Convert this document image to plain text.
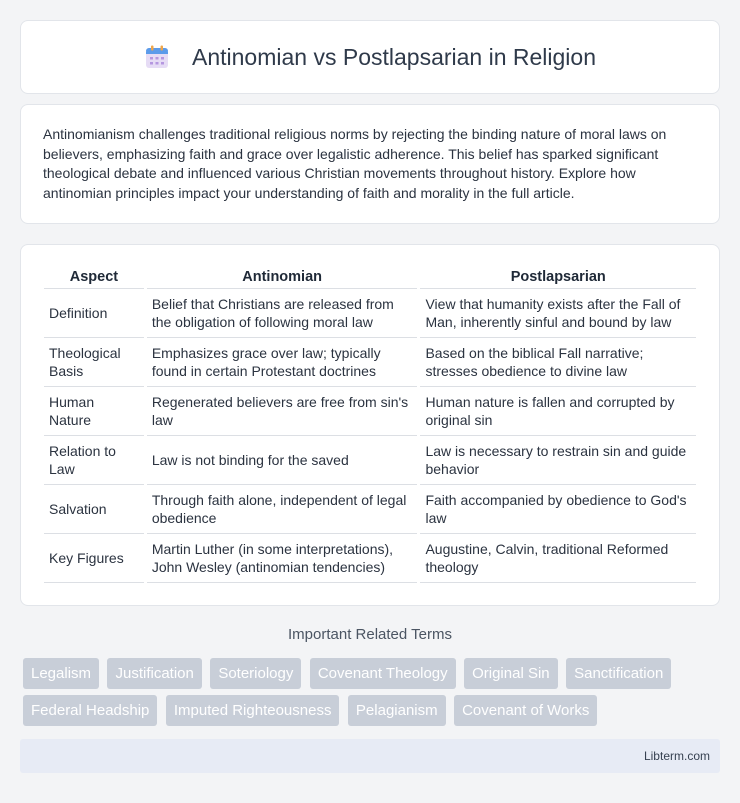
Antinomian vs Postlapsarian in Religion

Antinomianism challenges traditional religious norms by rejecting the binding nature of moral laws on believers, emphasizing faith and grace over legalistic adherence. This belief has sparked significant theological debate and influenced various Christian movements throughout history. Explore how antinomian principles impact your understanding of faith and morality in the full article.

Aspect	Antinomian	Postlapsarian
Definition	Belief that Christians are released from the obligation of following moral law	View that humanity exists after the Fall of Man, inherently sinful and bound by law
Theological Basis	Emphasizes grace over law; typically found in certain Protestant doctrines	Based on the biblical Fall narrative; stresses obedience to divine law
Human Nature	Regenerated believers are free from sin's law	Human nature is fallen and corrupted by original sin
Relation to Law	Law is not binding for the saved	Law is necessary to restrain sin and guide behavior
Salvation	Through faith alone, independent of legal obedience	Faith accompanied by obedience to God's law
Key Figures	Martin Luther (in some interpretations), John Wesley (antinomian tendencies)	Augustine, Calvin, traditional Reformed theology
Important Related Terms
Legalism Justification Soteriology Covenant Theology Original Sin Sanctification Federal Headship Imputed Righteousness Pelagianism Covenant of Works
Libterm.com
